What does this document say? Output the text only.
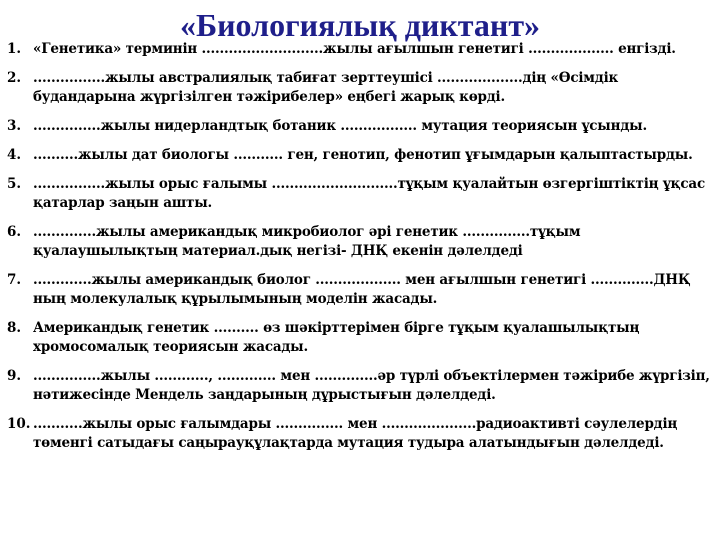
«Биологиялық диктант»
1. «Генетика» терминін ...........................жылы ағылшын генетигі ................... енгізді.
2. ................жылы австралиялық табиғат зерттеушісі ...................дің «Өсімдік
будандарына жүргізілген тәжірибелер» еңбегі жарық көрді.
3. ...............жылы нидерландтық ботаник ................. мутация теориясын ұсынды.
4. ..........жылы дат биологы ........... ген, генотип, фенотип ұғымдарын қалыптастырды.
5. ................жылы орыс ғалымы ............................тұқым қуалайтын өзгергіштіктің ұқсас
қатарлар заңын ашты.
6. ..............жылы американдық микробиолог әрі генетик ...............тұқым
қуалаушылықтың материал.дық негізі- ДНҚ екенін дәлелдеді
7. .............жылы американдық биолог ................... мен ағылшын генетигі ..............ДНҚ
ның молекулалық құрылымының моделін жасады.
8. Американдық генетик .......... өз шәкірттерімен бірге тұқым қуалашылықтың
хромосомалық теориясын жасады.
9. ...............жылы ............, ............. мен ..............әр түрлі объектілермен тәжірибе жүргізіп,
нәтижесінде Мендель заңдарының дұрыстығын дәлелдеді.
10. ...........жылы орыс ғалымдары ............... мен .....................радиоактивті сәулелердің
төменгі сатыдағы саңырауқұлақтарда мутация тудыра алатындығын дәлелдеді.
